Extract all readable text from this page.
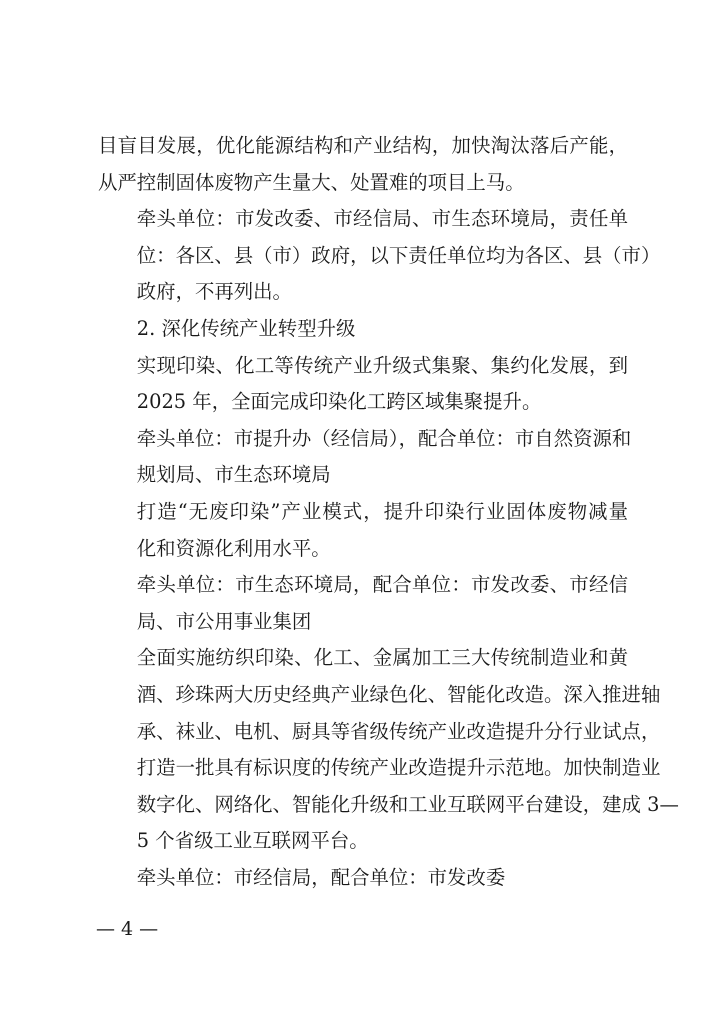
目盲目发展，优化能源结构和产业结构，加快淘汰落后产能，
从严控制固体废物产生量大、处置难的项目上马。
牵头单位：市发改委、市经信局、市生态环境局，责任单
位：各区、县（市）政府，以下责任单位均为各区、县（市）
政府，不再列出。
2. 深化传统产业转型升级
实现印染、化工等传统产业升级式集聚、集约化发展，到
2025 年，全面完成印染化工跨区域集聚提升。
牵头单位：市提升办（经信局），配合单位：市自然资源和
规划局、市生态环境局
打造“无废印染”产业模式，提升印染行业固体废物减量
化和资源化利用水平。
牵头单位：市生态环境局，配合单位：市发改委、市经信
局、市公用事业集团
全面实施纺织印染、化工、金属加工三大传统制造业和黄
酒、珍珠两大历史经典产业绿色化、智能化改造。深入推进轴
承、袜业、电机、厨具等省级传统产业改造提升分行业试点，
打造一批具有标识度的传统产业改造提升示范地。加快制造业
数字化、网络化、智能化升级和工业互联网平台建设，建成 3—
5 个省级工业互联网平台。
牵头单位：市经信局，配合单位：市发改委
— 4 —
